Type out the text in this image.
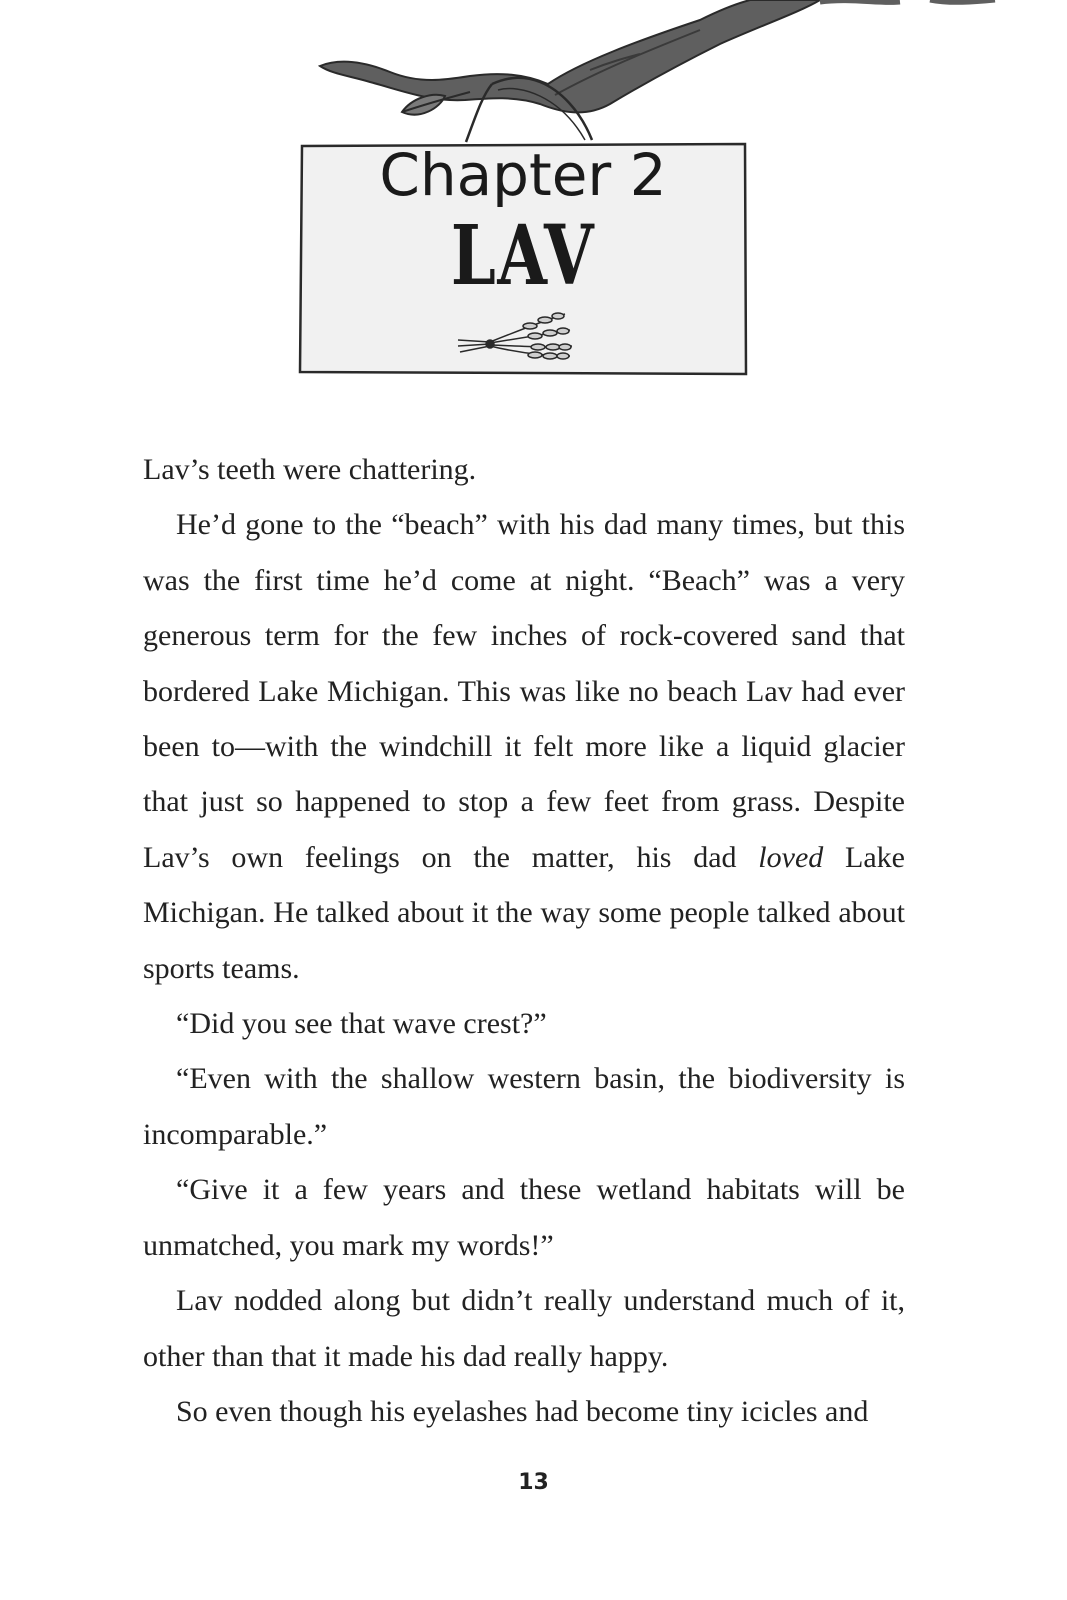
Chapter 2
LAV

Lav’s teeth were chattering.

He’d gone to the “beach” with his dad many times, but this was the first time he’d come at night. “Beach” was a very generous term for the few inches of rock-covered sand that bordered Lake Michigan. This was like no beach Lav had ever been to—with the windchill it felt more like a liquid glacier that just so happened to stop a few feet from grass. Despite Lav’s own feelings on the matter, his dad loved Lake Michigan. He talked about it the way some people talked about sports teams.

“Did you see that wave crest?”

“Even with the shallow western basin, the biodiversity is incomparable.”

“Give it a few years and these wetland habitats will be unmatched, you mark my words!”

Lav nodded along but didn’t really understand much of it, other than that it made his dad really happy.

So even though his eyelashes had become tiny icicles and

13
